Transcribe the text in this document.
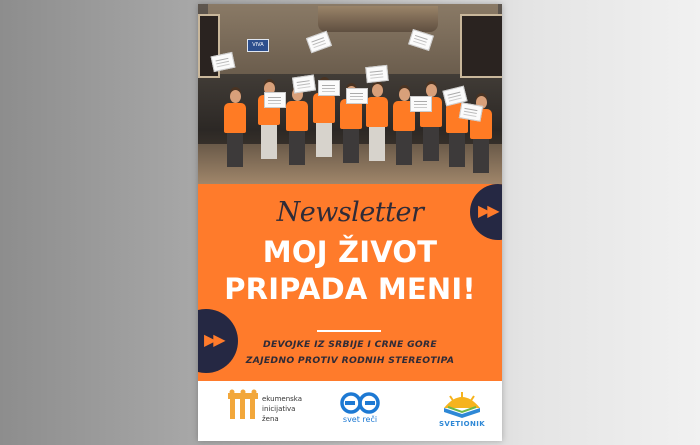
VIVA
▶▶
▶▶
Newsletter
MOJ ŽIVOT
PRIPADA MENI!
DEVOJKE IZ SRBIJE I CRNE GORE
ZAJEDNO PROTIV RODNIH STEREOTIPA
ekumenska inicijativa žena	svet reči	SVETIONIK
